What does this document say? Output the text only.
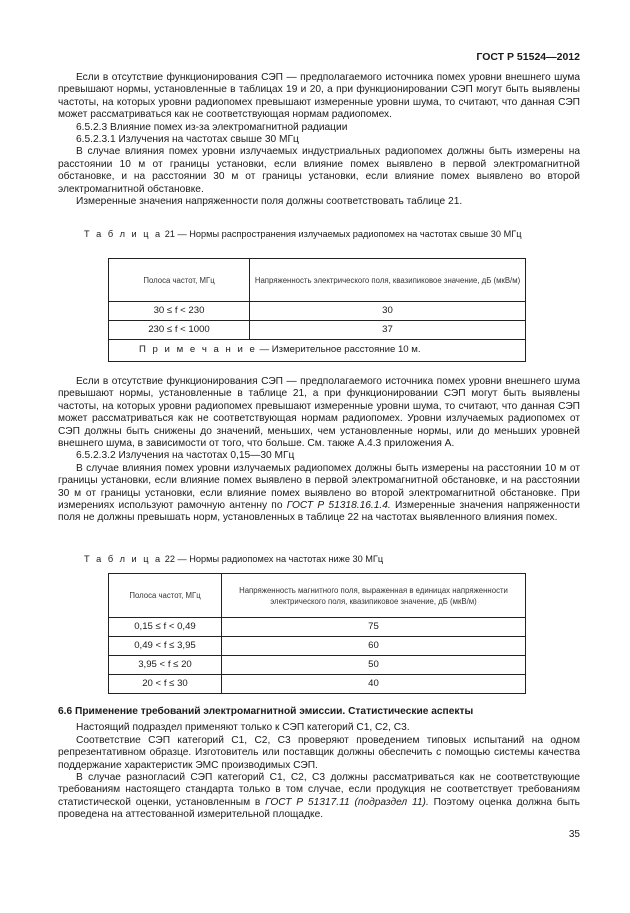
ГОСТ Р 51524—2012

Если в отсутствие функционирования СЭП — предполагаемого источника помех уровни внешнего шума превышают нормы, установленные в таблицах 19 и 20, а при функционировании СЭП могут быть выявлены частоты, на которых уровни радиопомех превышают измеренные уровни шума, то считают, что данная СЭП может рассматриваться как не соответствующая нормам радиопомех.

6.5.2.3 Влияние помех из-за электромагнитной радиации

6.5.2.3.1 Излучения на частотах свыше 30 МГц

В случае влияния помех уровни излучаемых индустриальных радиопомех должны быть измерены на расстоянии 10 м от границы установки, если влияние помех выявлено в первой электромагнитной обстановке, и на расстоянии 30 м от границы установки, если влияние помех выявлено во второй электромагнитной обстановке.

Измеренные значения напряженности поля должны соответствовать таблице 21.

Т а б л и ц а 21 — Нормы распространения излучаемых радиопомех на частотах свыше 30 МГц

Полоса частот, МГц	Напряженность электрического поля, квазипиковое значение, дБ (мкВ/м)
30 ≤ f < 230	30
230 ≤ f < 1000	37
П р и м е ч а н и е — Измерительное расстояние 10 м.	

Если в отсутствие функционирования СЭП — предполагаемого источника помех уровни внешнего шума превышают нормы, установленные в таблице 21, а при функционировании СЭП могут быть выявлены частоты, на которых уровни радиопомех превышают измеренные уровни шума, то считают, что данная СЭП может рассматриваться как не соответствующая нормам радиопомех. Уровни излучаемых радиопомех от СЭП должны быть снижены до значений, меньших, чем установленные нормы, или до меньших уровней внешнего шума, в зависимости от того, что больше. См. также А.4.3 приложения А.

6.5.2.3.2 Излучения на частотах 0,15—30 МГц

В случае влияния помех уровни излучаемых радиопомех должны быть измерены на расстоянии 10 м от границы установки, если влияние помех выявлено в первой электромагнитной обстановке, и на расстоянии 30 м от границы установки, если влияние помех выявлено во второй электромагнитной обстановке. При измерениях используют рамочную антенну по ГОСТ Р 51318.16.1.4. Измеренные значения напряженности поля не должны превышать норм, установленных в таблице 22 на частотах выявленного влияния помех.

Т а б л и ц а 22 — Нормы радиопомех на частотах ниже 30 МГц

Полоса частот, МГц	Напряженность магнитного поля, выраженная в единицах напряженности электрического поля, квазипиковое значение, дБ (мкВ/м)
0,15 ≤ f < 0,49	75
0,49 < f ≤ 3,95	60
3,95 < f ≤ 20	50
20 < f ≤ 30	40

6.6 Применение требований электромагнитной эмиссии. Статистические аспекты

Настоящий подраздел применяют только к СЭП категорий С1, С2, С3.

Соответствие СЭП категорий С1, С2, С3 проверяют проведением типовых испытаний на одном репрезентативном образце. Изготовитель или поставщик должны обеспечить с помощью системы качества поддержание характеристик ЭМС производимых СЭП.

В случае разногласий СЭП категорий С1, С2, С3 должны рассматриваться как не соответствующие требованиям настоящего стандарта только в том случае, если продукция не соответствует требованиям статистической оценки, установленным в ГОСТ Р 51317.11 (подраздел 11). Поэтому оценка должна быть проведена на аттестованной измерительной площадке.

35
